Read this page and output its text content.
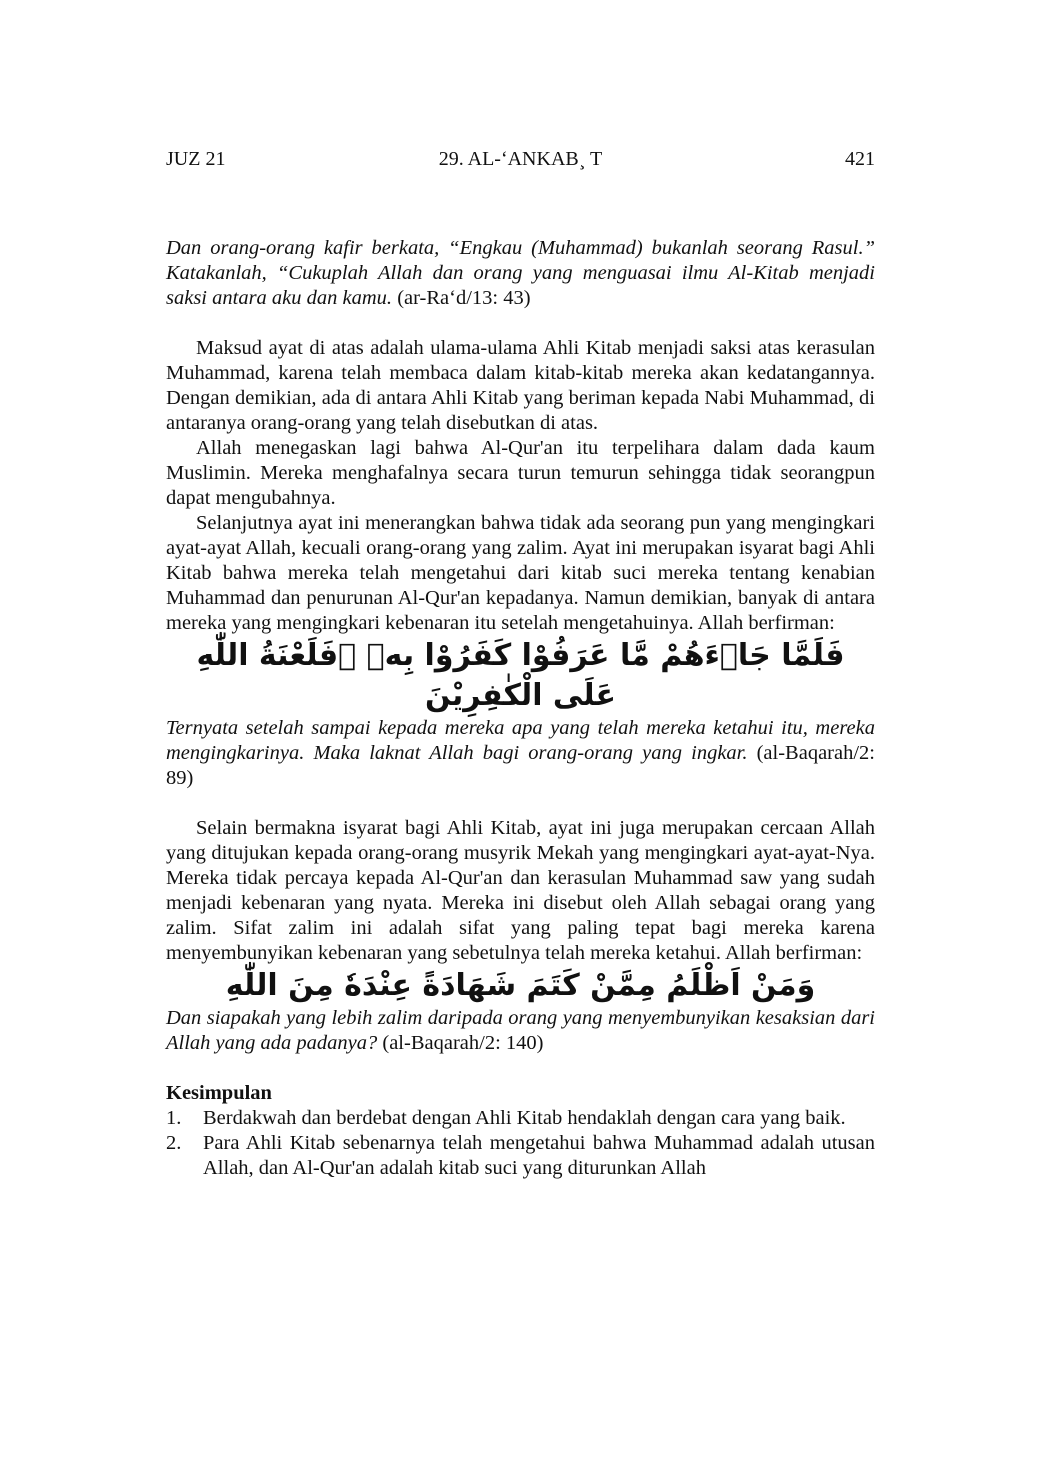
JUZ 21	29. AL-‘ANKAB¸ T	421

Dan orang-orang kafir berkata, “Engkau (Muhammad) bukanlah seorang Rasul.” Katakanlah, “Cukuplah Allah dan orang yang menguasai ilmu Al-Kitab menjadi saksi antara aku dan kamu. (ar-Ra‘d/13: 43)

Maksud ayat di atas adalah ulama-ulama Ahli Kitab menjadi saksi atas kerasulan Muhammad, karena telah membaca dalam kitab-kitab mereka akan kedatangannya. Dengan demikian, ada di antara Ahli Kitab yang beriman kepada Nabi Muhammad, di antaranya orang-orang yang telah disebutkan di atas.

Allah menegaskan lagi bahwa Al-Qur'an itu terpelihara dalam dada kaum Muslimin. Mereka menghafalnya secara turun temurun sehingga tidak seorangpun dapat mengubahnya.

Selanjutnya ayat ini menerangkan bahwa tidak ada seorang pun yang mengingkari ayat-ayat Allah, kecuali orang-orang yang zalim. Ayat ini merupakan isyarat bagi Ahli Kitab bahwa mereka telah mengetahui dari kitab suci mereka tentang kenabian Muhammad dan penurunan Al-Qur'an kepadanya. Namun demikian, banyak di antara mereka yang mengingkari kebenaran itu setelah mengetahuinya. Allah berfirman:

فَلَمَّا جَاۤءَهُمْ مَّا عَرَفُوْا كَفَرُوْا بِهٖ ۖفَلَعْنَةُ اللّٰهِ عَلَى الْكٰفِرِيْنَ

Ternyata setelah sampai kepada mereka apa yang telah mereka ketahui itu, mereka mengingkarinya. Maka laknat Allah bagi orang-orang yang ingkar. (al-Baqarah/2: 89)

Selain bermakna isyarat bagi Ahli Kitab, ayat ini juga merupakan cercaan Allah yang ditujukan kepada orang-orang musyrik Mekah yang mengingkari ayat-ayat-Nya. Mereka tidak percaya kepada Al-Qur'an dan kerasulan Muhammad saw yang sudah menjadi kebenaran yang nyata. Mereka ini disebut oleh Allah sebagai orang yang zalim. Sifat zalim ini adalah sifat yang paling tepat bagi mereka karena menyembunyikan kebenaran yang sebetulnya telah mereka ketahui. Allah berfirman:

وَمَنْ اَظْلَمُ مِمَّنْ كَتَمَ شَهَادَةً عِنْدَهٗ مِنَ اللّٰهِ

Dan siapakah yang lebih zalim daripada orang yang menyembunyikan kesaksian dari Allah yang ada padanya? (al-Baqarah/2: 140)

Kesimpulan

1. Berdakwah dan berdebat dengan Ahli Kitab hendaklah dengan cara yang baik.
2. Para Ahli Kitab sebenarnya telah mengetahui bahwa Muhammad adalah utusan Allah, dan Al-Qur'an adalah kitab suci yang diturunkan Allah
